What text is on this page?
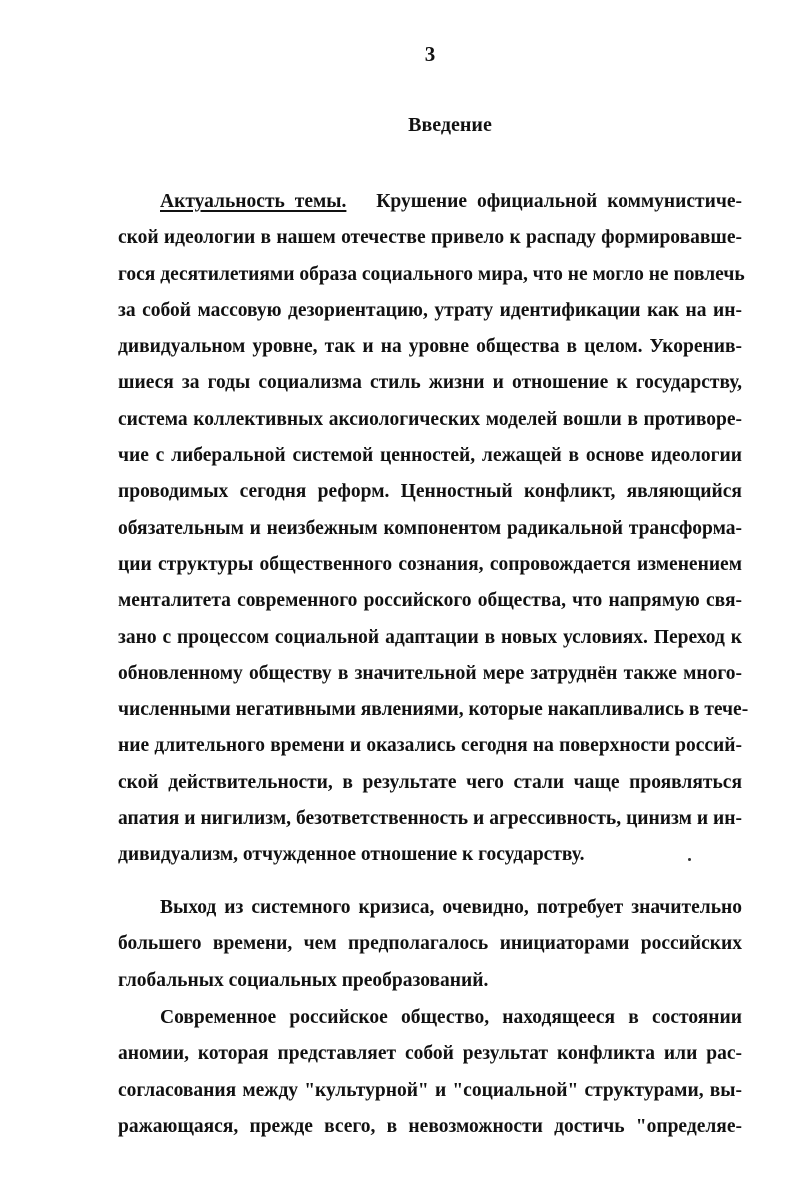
3
Введение
Актуальность темы. Крушение официальной коммунистиче-
ской идеологии в нашем отечестве привело к распаду формировавше-
гося десятилетиями образа социального мира, что не могло не повлечь
за собой массовую дезориентацию, утрату идентификации как на ин-
дивидуальном уровне, так и на уровне общества в целом. Укоренив-
шиеся за годы социализма стиль жизни и отношение к государству,
система коллективных аксиологических моделей вошли в противоре-
чие с либеральной системой ценностей, лежащей в основе идеологии
проводимых сегодня реформ. Ценностный конфликт, являющийся
обязательным и неизбежным компонентом радикальной трансформа-
ции структуры общественного сознания, сопровождается изменением
менталитета современного российского общества, что напрямую свя-
зано с процессом социальной адаптации в новых условиях. Переход к
обновленному обществу в значительной мере затруднён также много-
численными негативными явлениями, которые накапливались в тече-
ние длительного времени и оказались сегодня на поверхности россий-
ской действительности, в результате чего стали чаще проявляться
апатия и нигилизм, безответственность и агрессивность, цинизм и ин-
дивидуализм, отчужденное отношение к государству.
Выход из системного кризиса, очевидно, потребует значительно
большего времени, чем предполагалось инициаторами российских
глобальных социальных преобразований.
Современное российское общество, находящееся в состоянии
аномии, которая представляет собой результат конфликта или рас-
согласования между "культурной" и "социальной" структурами, вы-
ражающаяся, прежде всего, в невозможности достичь "определяе-
